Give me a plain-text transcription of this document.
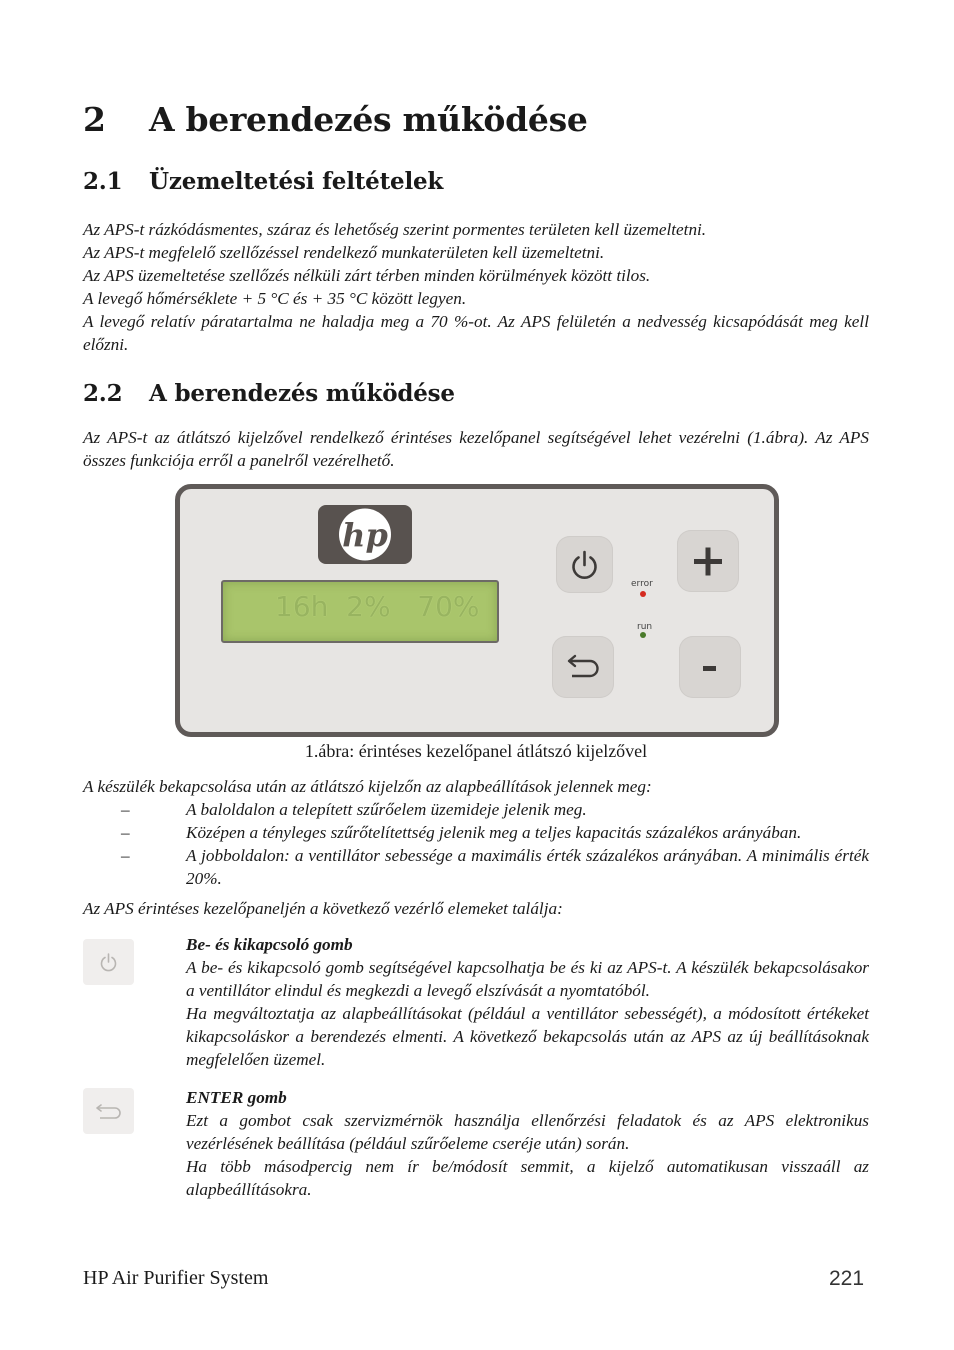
2 A berendezés működése
2.1 Üzemeltetési feltételek
Az APS-t rázkódásmentes, száraz és lehetőség szerint pormentes területen kell üzemeltetni.
Az APS-t megfelelő szellőzéssel rendelkező munkaterületen kell üzemeltetni.
Az APS üzemeltetése szellőzés nélküli zárt térben minden körülmények között tilos.
A levegő hőmérséklete + 5 °C és + 35 °C között legyen.
A levegő relatív páratartalma ne haladja meg a 70 %-ot. Az APS felületén a nedvesség kicsapódását meg kell előzni.
2.2 A berendezés működése
Az APS-t az átlátszó kijelzővel rendelkező érintéses kezelőpanel segítségével lehet vezérelni (1.ábra). Az APS összes funkciója erről a panelről vezérelhető.
hp
16h  2%   70%
error
run
1.ábra: érintéses kezelőpanel átlátszó kijelzővel
A készülék bekapcsolása után az átlátszó kijelzőn az alapbeállítások jelennek meg:
–	A baloldalon a telepített szűrőelem üzemideje jelenik meg.
–	Középen a tényleges szűrőtelítettség jelenik meg a teljes kapacitás százalékos arányában.
–	A jobboldalon: a ventillátor sebessége a maximális érték százalékos arányában. A minimális érték 20%.
Az APS érintéses kezelőpaneljén a következő vezérlő elemeket találja:
Be- és kikapcsoló gomb
A be- és kikapcsoló gomb segítségével kapcsolhatja be és ki az APS-t. A készülék bekapcsolásakor a ventillátor elindul és megkezdi a levegő elszívását a nyomtatóból.
Ha megváltoztatja az alapbeállításokat (például a ventillátor sebességét), a módosított értékeket kikapcsoláskor a berendezés elmenti. A következő bekapcsolás után az APS az új beállításoknak megfelelően üzemel.
ENTER gomb
Ezt a gombot csak szervizmérnök használja ellenőrzési feladatok és az APS elektronikus vezérlésének beállítása (például szűrőeleme cseréje után) során.
Ha több másodpercig nem ír be/módosít semmit, a kijelző automatikusan visszaáll az alapbeállításokra.
HP Air Purifier System	221
